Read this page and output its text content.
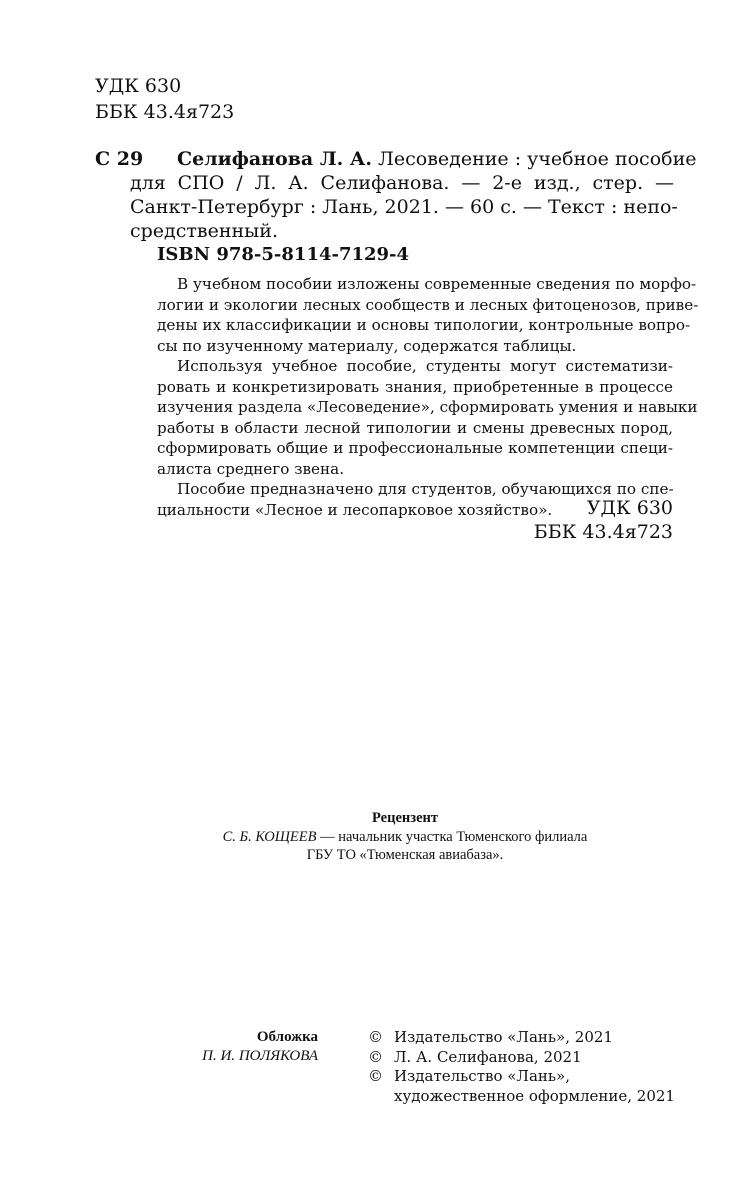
УДК 630
ББК 43.4я723
С 29 Селифанова Л. А. Лесоведение : учебное пособие
для СПО / Л. А. Селифанова. — 2-е изд., стер. —
Санкт-Петербург : Лань, 2021. — 60 с. — Текст : непо-
средственный.
ISBN 978-5-8114-7129-4
В учебном пособии изложены современные сведения по морфо-
логии и экологии лесных сообществ и лесных фитоценозов, приве-
дены их классификации и основы типологии, контрольные вопро-
сы по изученному материалу, содержатся таблицы.
Используя учебное пособие, студенты могут систематизи-
ровать и конкретизировать знания, приобретенные в процессе
изучения раздела «Лесоведение», сформировать умения и навыки
работы в области лесной типологии и смены древесных пород,
сформировать общие и профессиональные компетенции специ-
алиста среднего звена.
Пособие предназначено для студентов, обучающихся по спе-
циальности «Лесное и лесопарковое хозяйство».	УДК 630
ББК 43.4я723
Рецензент
С. Б. КОЩЕЕВ — начальник участка Тюменского филиала
ГБУ ТО «Тюменская авиабаза».
Обложка
П. И. ПОЛЯКОВА
© Издательство «Лань», 2021
© Л. А. Селифанова, 2021
© Издательство «Лань»,
художественное оформление, 2021
